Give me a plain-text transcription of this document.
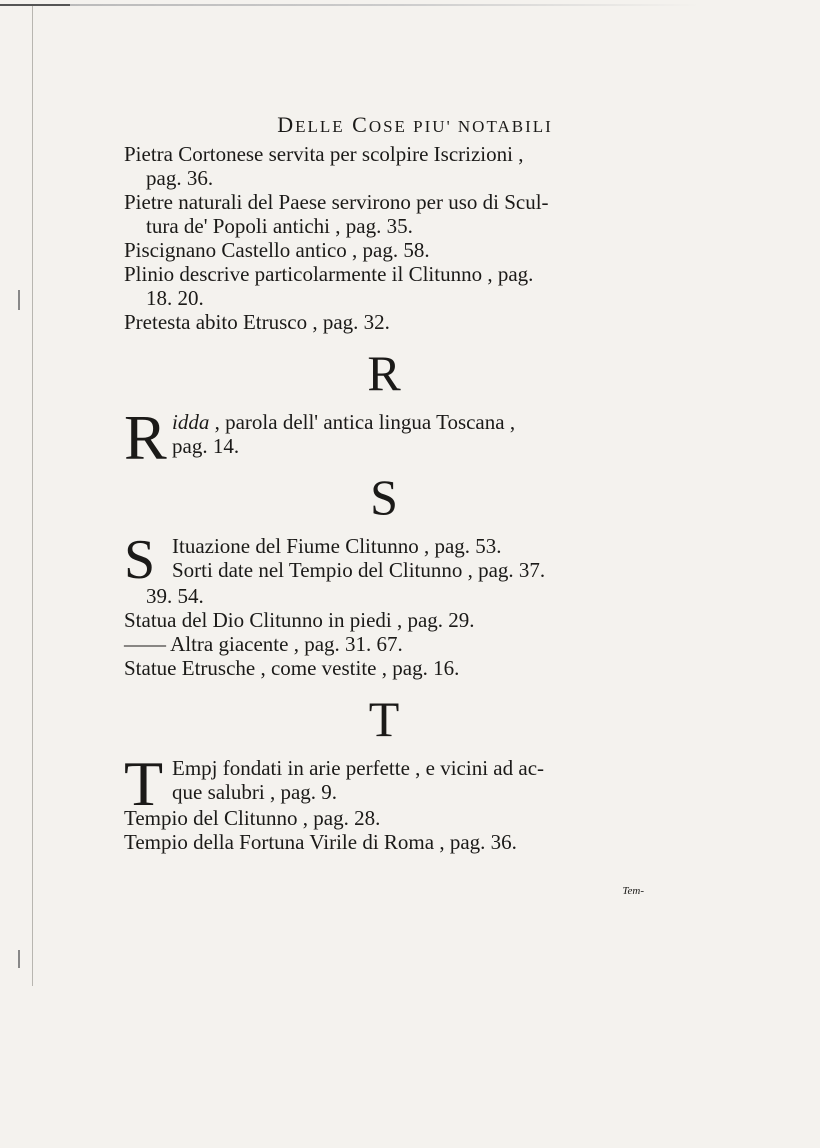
DELLE COSE PIU' NOTABILI

Pietra Cortonese servita per scolpire Iscrizioni ,
pag. 36.

Pietre naturali del Paese servirono per uso di Scul-
tura de' Popoli antichi , pag. 35.

Piscignano Castello antico , pag. 58.

Plinio descrive particolarmente il Clitunno , pag.
18. 20.

Pretesta abito Etrusco , pag. 32.

R
R idda , parola dell' antica lingua Toscana ,
pag. 14.
S
S Ituazione del Fiume Clitunno , pag. 53.
Sorti date nel Tempio del Clitunno , pag. 37.
39. 54.

Statua del Dio Clitunno in piedi , pag. 29.

—— Altra giacente , pag. 31. 67.

Statue Etrusche , come vestite , pag. 16.

T
T Empj fondati in arie perfette , e vicini ad ac-
que salubri , pag. 9.

Tempio del Clitunno , pag. 28.

Tempio della Fortuna Virile di Roma , pag. 36.

Tem-
